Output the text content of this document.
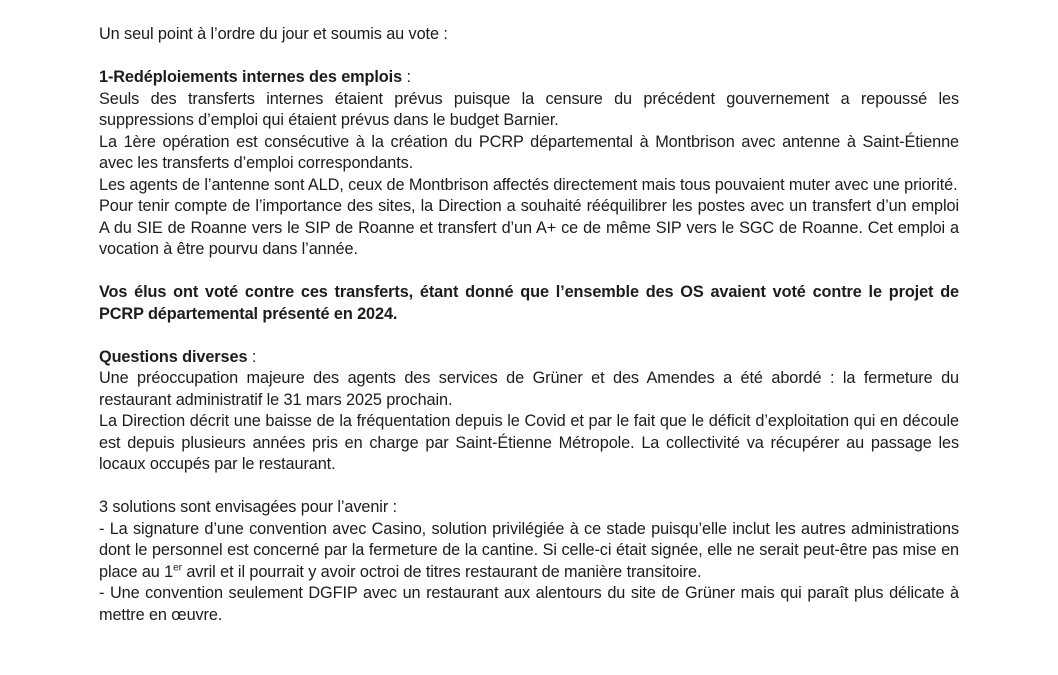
Un seul point à l’ordre du jour et soumis au vote :

1-Redéploiements internes des emplois :

Seuls des transferts internes étaient prévus puisque la censure du précédent gouvernement a repoussé les suppressions d’emploi qui étaient prévus dans le budget Barnier.

La 1ère opération est consécutive à la création du PCRP départemental à Montbrison avec antenne à Saint-Étienne avec les transferts d’emploi correspondants.

Les agents de l’antenne sont ALD, ceux de Montbrison affectés directement mais tous pouvaient muter avec une priorité.

Pour tenir compte de l’importance des sites, la Direction a souhaité rééquilibrer les postes avec un transfert d’un emploi A du SIE de Roanne vers le SIP de Roanne et transfert d’un A+ ce de même SIP vers le SGC de Roanne. Cet emploi a vocation à être pourvu dans l’année.

Vos élus ont voté contre ces transferts, étant donné que l’ensemble des OS avaient voté contre le projet de PCRP départemental présenté en 2024.

Questions diverses :

Une préoccupation majeure des agents des services de Grüner et des Amendes a été abordé : la fermeture du restaurant administratif le 31 mars 2025 prochain.

La Direction décrit une baisse de la fréquentation depuis le Covid et par le fait que le déficit d’exploitation qui en découle est depuis plusieurs années pris en charge par Saint-Étienne Métropole. La collectivité va récupérer au passage les locaux occupés par le restaurant.

3 solutions sont envisagées pour l’avenir :

- La signature d’une convention avec Casino, solution privilégiée à ce stade puisqu’elle inclut les autres administrations dont le personnel est concerné par la fermeture de la cantine. Si celle-ci était signée, elle ne serait peut-être pas mise en place au 1er avril et il pourrait y avoir octroi de titres restaurant de manière transitoire.

- Une convention seulement DGFIP avec un restaurant aux alentours du site de Grüner mais qui paraît plus délicate à mettre en œuvre.
